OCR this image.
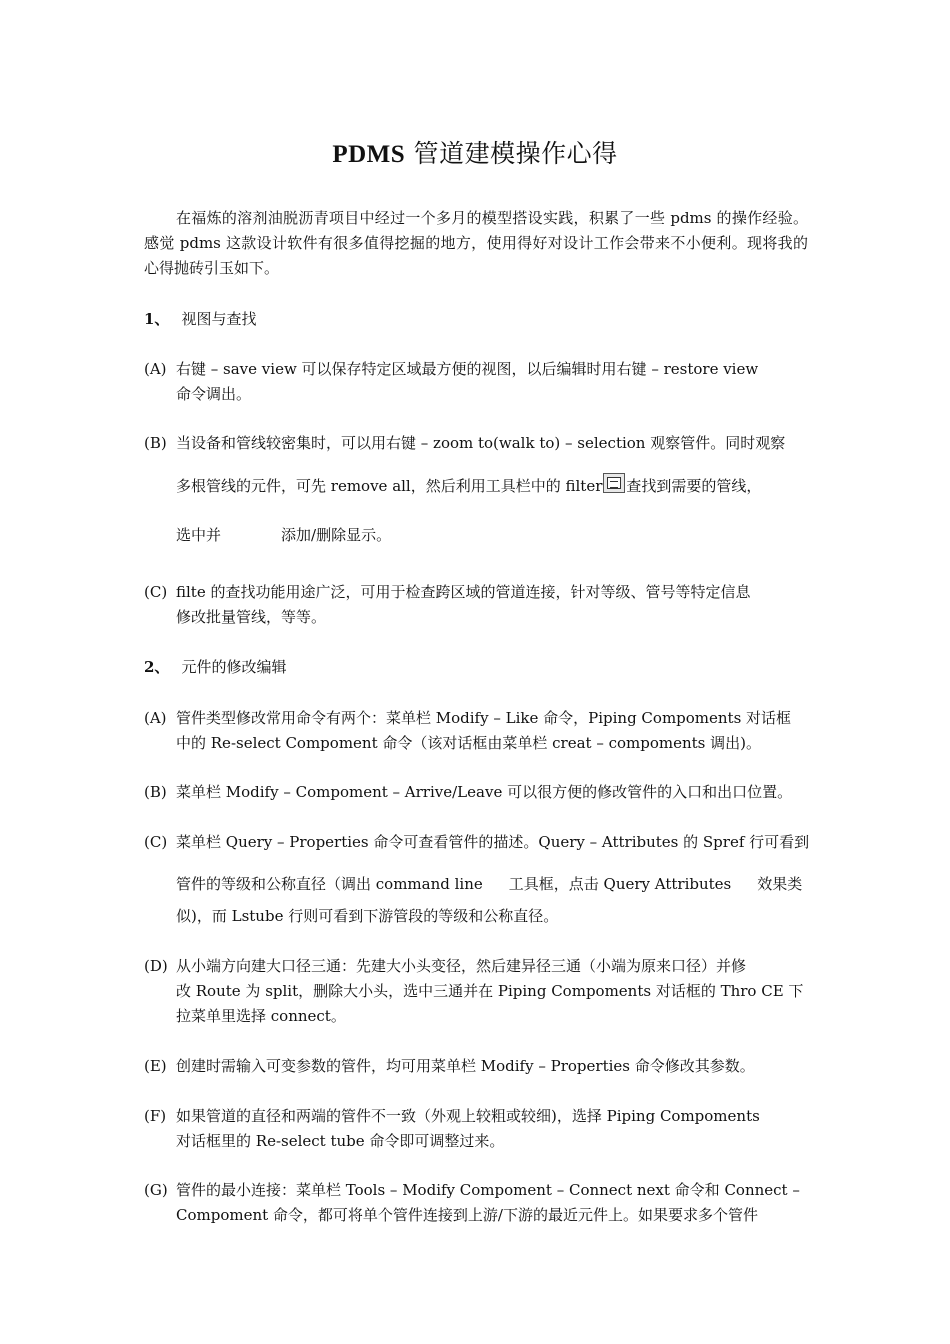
PDMS 管道建模操作心得
在福炼的溶剂油脱沥青项目中经过一个多月的模型搭设实践，积累了一些 pdms 的操作经验。感觉 pdms 这款设计软件有很多值得挖掘的地方，使用得好对设计工作会带来不小便利。现将我的心得抛砖引玉如下。
1、 视图与查找
(A) 右键 – save view 可以保存特定区域最方便的视图，以后编辑时用右键 – restore view
命令调出。
(B) 当设备和管线较密集时，可以用右键 – zoom to(walk to) – selection 观察管件。同时观察
多根管线的元件，可先 remove all，然后利用工具栏中的 filter 查找到需要的管线，
选中并	添加/删除显示。
(C) filte 的查找功能用途广泛，可用于检查跨区域的管道连接，针对等级、管号等特定信息
修改批量管线，等等。
2、 元件的修改编辑
(A) 管件类型修改常用命令有两个：菜单栏 Modify – Like 命令，Piping Compoments 对话框
中的 Re-select Compoment 命令（该对话框由菜单栏 creat – compoments 调出)。
(B) 菜单栏 Modify – Compoment – Arrive/Leave 可以很方便的修改管件的入口和出口位置。
(C) 菜单栏 Query – Properties 命令可查看管件的描述。Query – Attributes 的 Spref 行可看到
管件的等级和公称直径（调出 command line 工具框，点击 Query Attributes 效果类
似)，而 Lstube 行则可看到下游管段的等级和公称直径。
(D) 从小端方向建大口径三通：先建大小头变径，然后建异径三通（小端为原来口径）并修
改 Route 为 split，删除大小头，选中三通并在 Piping Compoments 对话框的 Thro CE 下
拉菜单里选择 connect。
(E) 创建时需输入可变参数的管件，均可用菜单栏 Modify – Properties 命令修改其参数。
(F) 如果管道的直径和两端的管件不一致（外观上较粗或较细)，选择 Piping Compoments
对话框里的 Re-select tube 命令即可调整过来。
(G) 管件的最小连接：菜单栏 Tools – Modify Compoment – Connect next 命令和 Connect –
Compoment 命令，都可将单个管件连接到上游/下游的最近元件上。如果要求多个管件
